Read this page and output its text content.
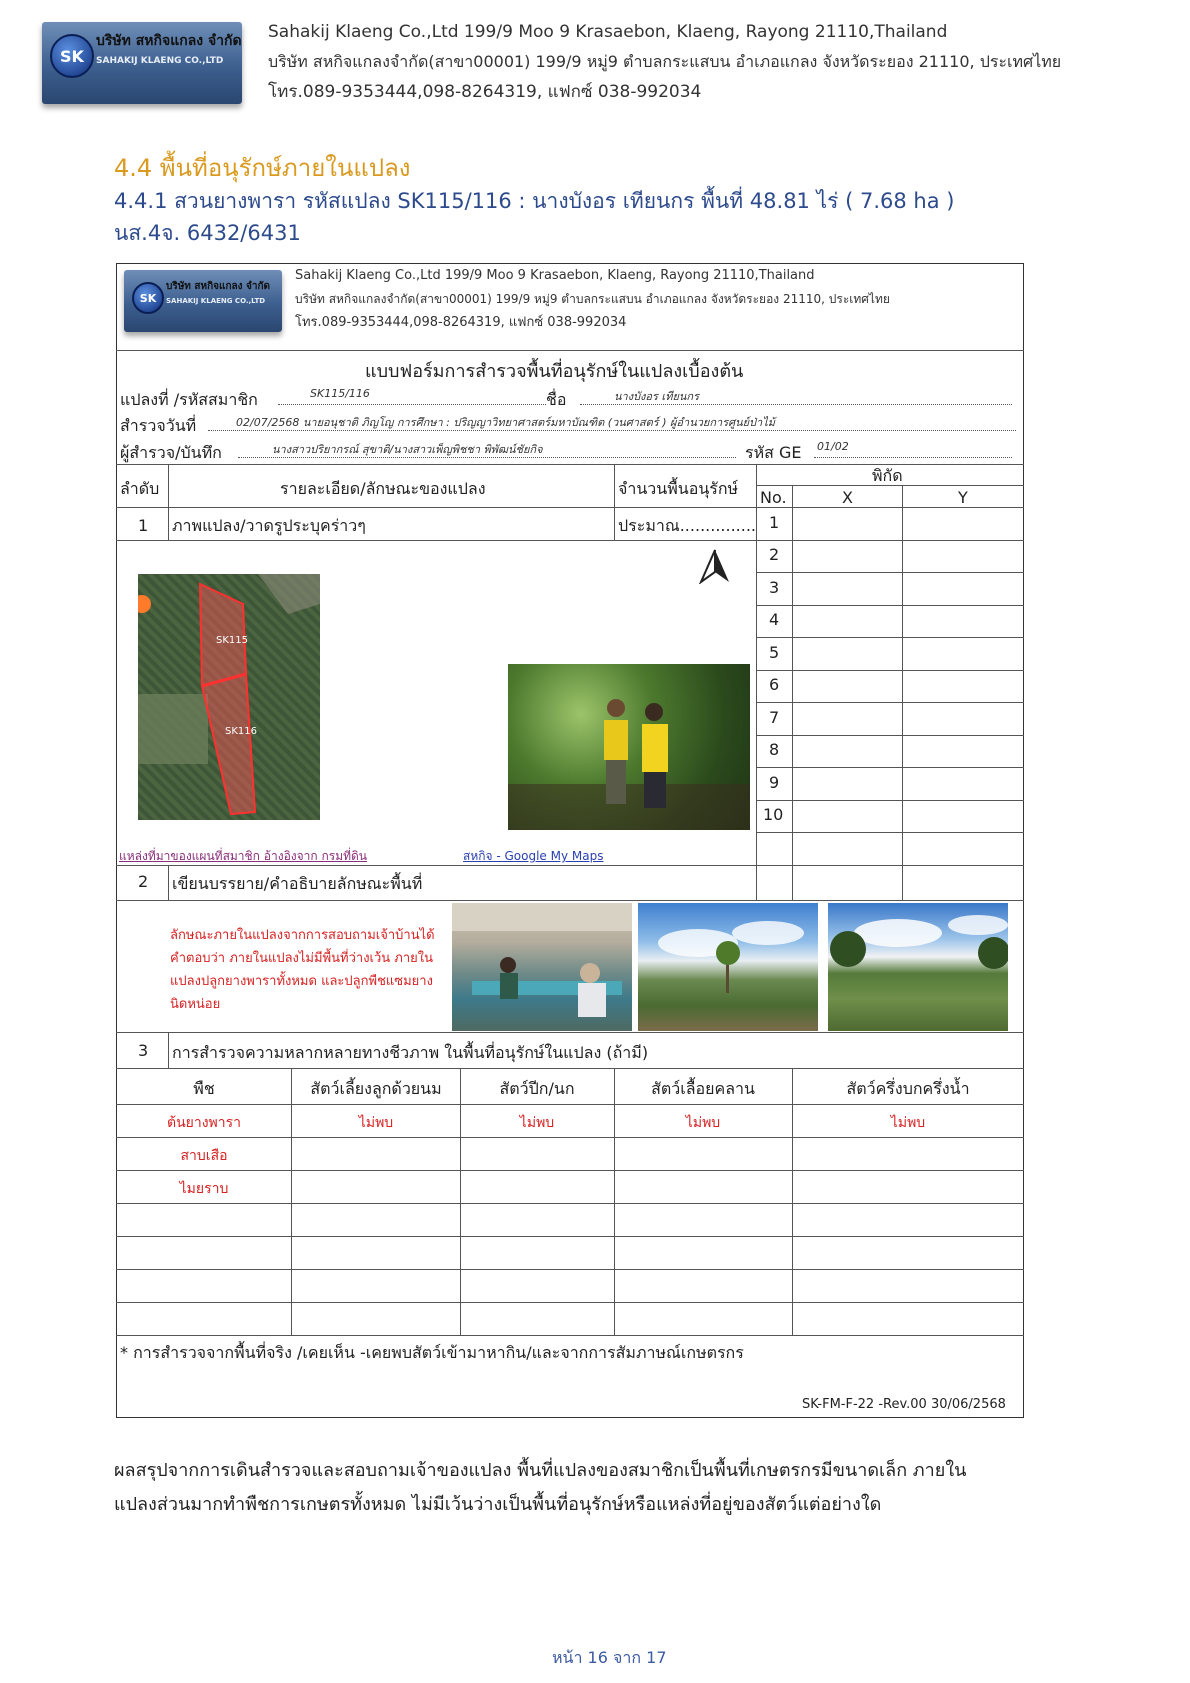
SK
บริษัท สหกิจแกลง จำกัด
SAHAKIJ KLAENG CO.,LTD
Sahakij Klaeng Co.,Ltd 199/9 Moo 9 Krasaebon, Klaeng, Rayong 21110,Thailand
บริษัท สหกิจแกลงจำกัด(สาขา00001) 199/9 หมู่9 ตำบลกระแสบน อำเภอแกลง จังหวัดระยอง 21110, ประเทศไทย
โทร.089-9353444,098-8264319, แฟกซ์ 038-992034
4.4 พื้นที่อนุรักษ์ภายในแปลง
4.4.1 สวนยางพารา รหัสแปลง SK115/116 : นางบังอร เทียนกร พื้นที่ 48.81 ไร่ ( 7.68 ha )
นส.4จ. 6432/6431
SK
บริษัท สหกิจแกลง จำกัด
SAHAKIJ KLAENG CO.,LTD
Sahakij Klaeng Co.,Ltd 199/9 Moo 9 Krasaebon, Klaeng, Rayong 21110,Thailand
บริษัท สหกิจแกลงจำกัด(สาขา00001) 199/9 หมู่9 ตำบลกระแสบน อำเภอแกลง จังหวัดระยอง 21110, ประเทศไทย
โทร.089-9353444,098-8264319, แฟกซ์ 038-992034
แบบฟอร์มการสำรวจพื้นที่อนุรักษ์ในแปลงเบื้องต้น
แปลงที่ /รหัสสมาชิก	SK115/116	ชื่อ	นางบังอร เทียนกร
สำรวจวันที่	02/07/2568 นายอนุชาติ ภิญโญ การศึกษา : ปริญญาวิทยาศาสตร์มหาบัณฑิต (วนศาสตร์ ) ผู้อำนวยการศูนย์ป่าไม้
ผู้สำรวจ/บันทึก	นางสาวปริยากรณ์ สุขาติ/นางสาวเพ็ญพิชชา พิพัฒน์ชัยกิจ	รหัส GE 01/02
ลำดับ	รายละเอียด/ลักษณะของแปลง	จำนวนพื้นอนุรักษ์
พิกัด
No.	X	Y
1 ภาพแปลง/วาดรูประบุคร่าวๆ	ประมาณ............... 1
2
3
4
5
6
7
8
9
10
SK115
SK116
แหล่งที่มาของแผนที่สมาชิก อ้างอิงจาก กรมที่ดิน	สหกิจ - Google My Maps
2 เขียนบรรยาย/คำอธิบายลักษณะพื้นที่
ลักษณะภายในแปลงจากการสอบถามเจ้าบ้านได้
คำตอบว่า ภายในแปลงไม่มีพื้นที่ว่างเว้น ภายใน
แปลงปลูกยางพาราทั้งหมด และปลูกพืชแซมยาง
นิดหน่อย
3 การสำรวจความหลากหลายทางชีวภาพ ในพื้นที่อนุรักษ์ในแปลง (ถ้ามี)
พืช	สัตว์เลี้ยงลูกด้วยนม	สัตว์ปีก/นก	สัตว์เลื้อยคลาน	สัตว์ครึ่งบกครึ่งน้ำ
ต้นยางพารา	ไม่พบ	ไม่พบ	ไม่พบ	ไม่พบ
สาบเสือ
ไมยราบ
* การสำรวจจากพื้นที่จริง /เคยเห็น -เคยพบสัตว์เข้ามาหากิน/และจากการสัมภาษณ์เกษตรกร
SK-FM-F-22 -Rev.00 30/06/2568
ผลสรุปจากการเดินสำรวจและสอบถามเจ้าของแปลง พื้นที่แปลงของสมาชิกเป็นพื้นที่เกษตรกรมีขนาดเล็ก ภายใน
แปลงส่วนมากทำพืชการเกษตรทั้งหมด ไม่มีเว้นว่างเป็นพื้นที่อนุรักษ์หรือแหล่งที่อยู่ของสัตว์แต่อย่างใด
หน้า 16 จาก 17
